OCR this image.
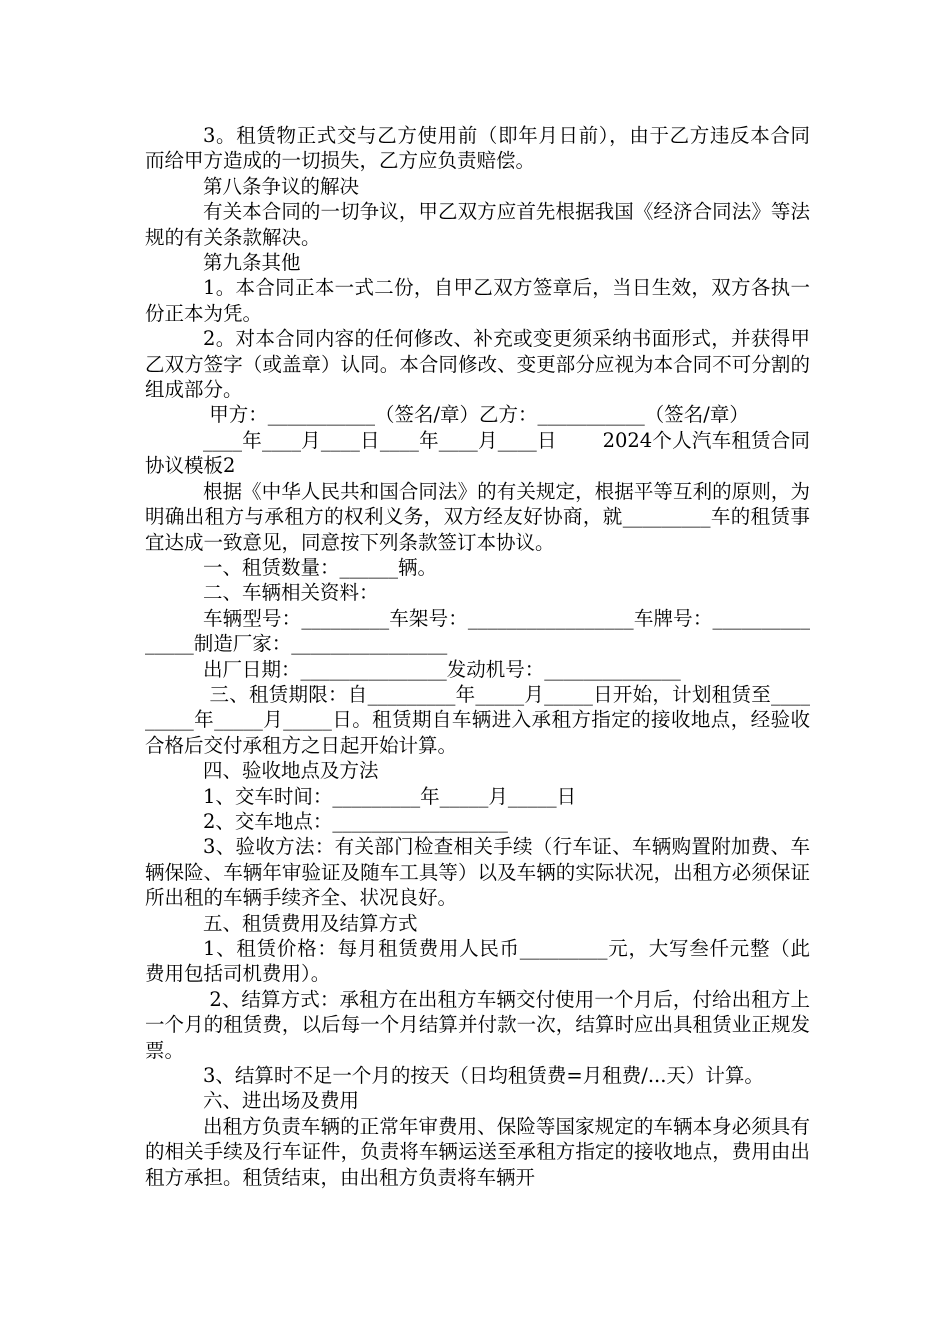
3。租赁物正式交与乙方使用前（即年月日前），由于乙方违反本合同而给甲方造成的一切损失，乙方应负责赔偿。

第八条争议的解决

有关本合同的一切争议，甲乙双方应首先根据我国《经济合同法》等法规的有关条款解决。

第九条其他

1。本合同正本一式二份，自甲乙双方签章后，当日生效，双方各执一份正本为凭。

2。对本合同内容的任何修改、补充或变更须采纳书面形式，并获得甲乙双方签字（或盖章）认同。本合同修改、变更部分应视为本合同不可分割的组成部分。

甲方：___________（签名/章）乙方：___________（签名/章）

____年____月____日____年____月____日　　 2024个人汽车租赁合同协议模板2

根据《中华人民共和国合同法》的有关规定，根据平等互利的原则，为明确出租方与承租方的权利义务，双方经友好协商，就_________车的租赁事宜达成一致意见，同意按下列条款签订本协议。

一、租赁数量：______辆。

二、车辆相关资料：

车辆型号：_________车架号：_________________车牌号：_______________制造厂家：________________

出厂日期：_______________发动机号：______________

三、租赁期限：自_________年_____月_____日开始，计划租赁至_________年_____月_____日。租赁期自车辆进入承租方指定的接收地点，经验收合格后交付承租方之日起开始计算。

四、验收地点及方法

1、交车时间：_________年_____月_____日

2、交车地点：__________________

3、验收方法：有关部门检查相关手续（行车证、车辆购置附加费、车辆保险、车辆年审验证及随车工具等）以及车辆的实际状况，出租方必须保证所出租的车辆手续齐全、状况良好。

五、租赁费用及结算方式

1、租赁价格：每月租赁费用人民币_________元，大写叁仟元整（此费用包括司机费用）。

2、结算方式：承租方在出租方车辆交付使用一个月后，付给出租方上一个月的租赁费，以后每一个月结算并付款一次，结算时应出具租赁业正规发票。

3、结算时不足一个月的按天（日均租赁费=月租费/...天）计算。

六、进出场及费用

出租方负责车辆的正常年审费用、保险等国家规定的车辆本身必须具有的相关手续及行车证件，负责将车辆运送至承租方指定的接收地点，费用由出租方承担。租赁结束，由出租方负责将车辆开
